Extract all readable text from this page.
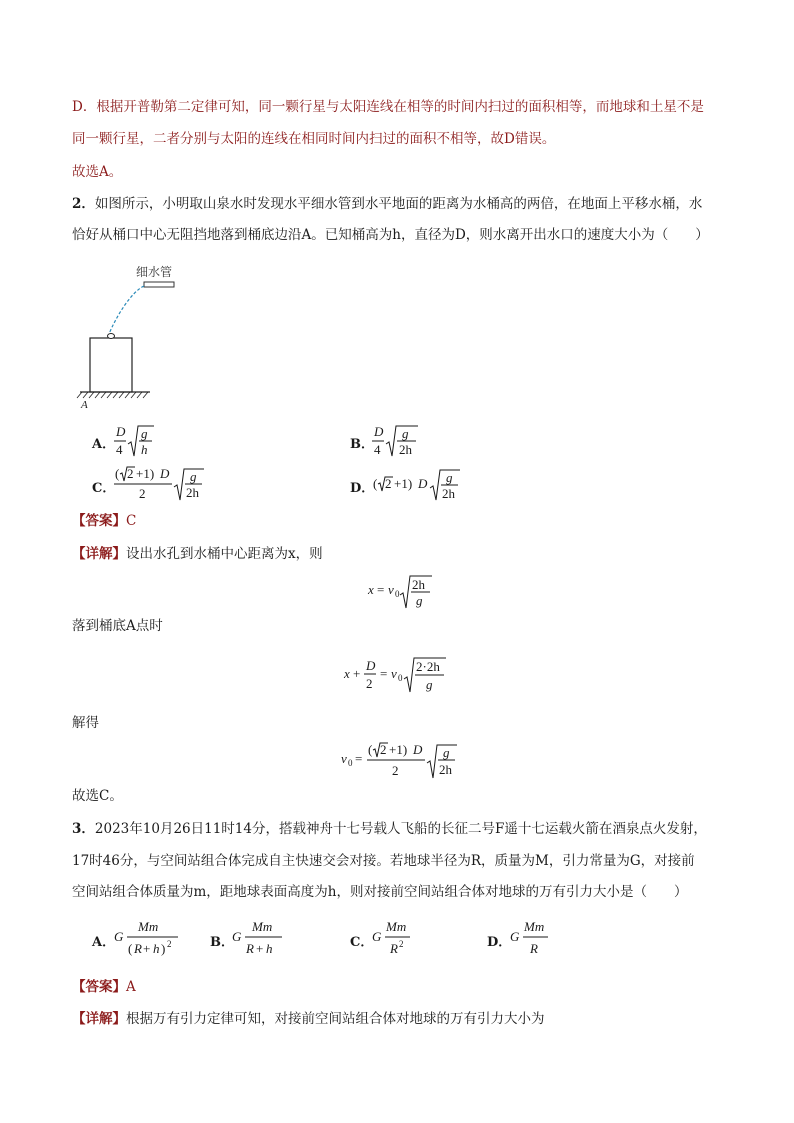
D．根据开普勒第二定律可知，同一颗行星与太阳连线在相等的时间内扫过的面积相等，而地球和土星不是
同一颗行星，二者分别与太阳的连线在相同时间内扫过的面积不相等，故D错误。
故选A。
2．如图所示，小明取山泉水时发现水平细水管到水平地面的距离为水桶高的两倍，在地面上平移水桶，水
恰好从桶口中心无阻挡地落到桶底边沿A。已知桶高为h，直径为D，则水离开出水口的速度大小为（　　）
细水管
A
A．
D
4
g
h	B．
D
4
g
2h
C．
( 2 +1) D
2
g
2h	D．
( 2 +1) D g
2h
【答案】C
【详解】设出水孔到水桶中心距离为x，则
x = v 0
2h
g
落到桶底A点时
x +
D
2
= v 0
2·2h
g
解得
v 0 =
( 2 +1) D
2
g
2h
故选C。
3．2023年10月26日11时14分，搭载神舟十七号载人飞船的长征二号F遥十七运载火箭在酒泉点火发射，
17时46分，与空间站组合体完成自主快速交会对接。若地球半径为R，质量为M，引力常量为G，对接前
空间站组合体质量为m，距地球表面高度为h，则对接前空间站组合体对地球的万有引力大小是（　　）
A．
G
Mm
( R + h ) 2	B．
G
Mm
R + h	C．
G
Mm
R 2	D．
G
Mm
R
【答案】A
【详解】根据万有引力定律可知，对接前空间站组合体对地球的万有引力大小为
